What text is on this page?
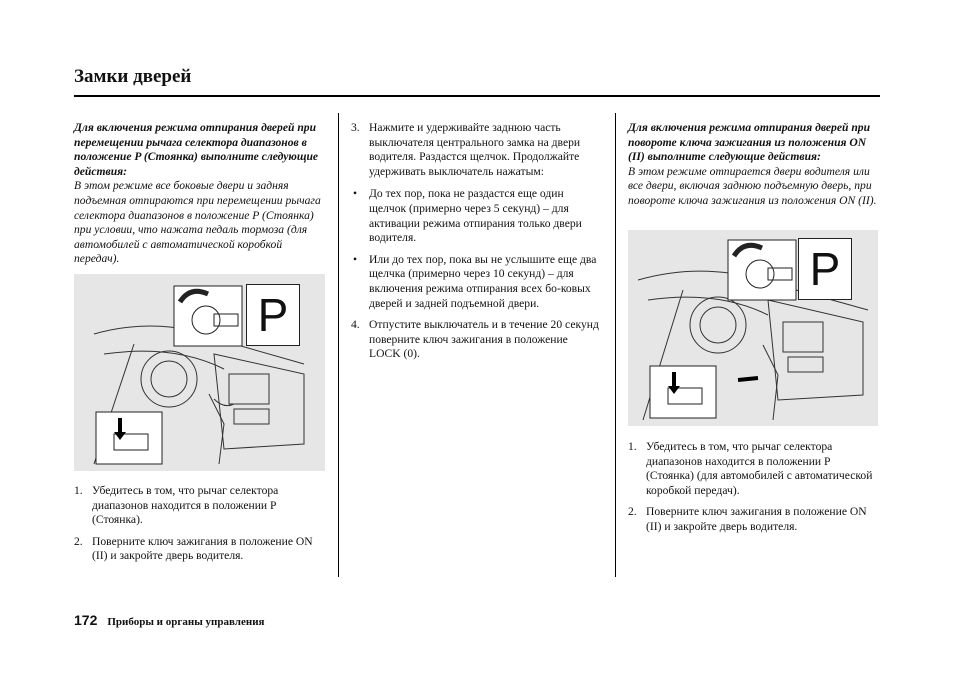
Замки дверей

Для включения режима отпирания дверей при перемещении рычага селектора диапазонов в положение P (Стоянка) выполните следующие действия:

В этом режиме все боковые двери и задняя подъемная отпираются при перемещении рычага селектора диапазонов в положение P (Стоянка) при условии, что нажата педаль тормоза (для автомобилей с автоматической коробкой передач).

P
1. Убедитесь в том, что рычаг селектора диапазонов находится в положении P (Стоянка).
2. Поверните ключ зажигания в положение ON (II) и закройте дверь водителя.
3. Нажмите и удерживайте заднюю часть выключателя центрального замка на двери водителя. Раздастся щелчок. Продолжайте удерживать выключатель нажатым:
• До тех пор, пока не раздастся еще один щелчок (примерно через 5 секунд) – для активации режима отпирания только двери водителя.
• Или до тех пор, пока вы не услышите еще два щелчка (примерно через 10 секунд) – для включения режима отпирания всех бо-ковых дверей и задней подъемной двери.
4. Отпустите выключатель и в течение 20 секунд поверните ключ зажигания в положение LOCK (0).

Для включения режима отпирания дверей при повороте ключа зажигания из положения ON (II) выполните следующие действия:

В этом режиме отпирается двери водителя или все двери, включая заднюю подъемную дверь, при повороте ключа зажигания из положения ON (II).

P
1. Убедитесь в том, что рычаг селектора диапазонов находится в положении P (Стоянка) (для автомобилей с автоматической коробкой передач).
2. Поверните ключ зажигания в положение ON (II) и закройте дверь водителя.
172 Приборы и органы управления
